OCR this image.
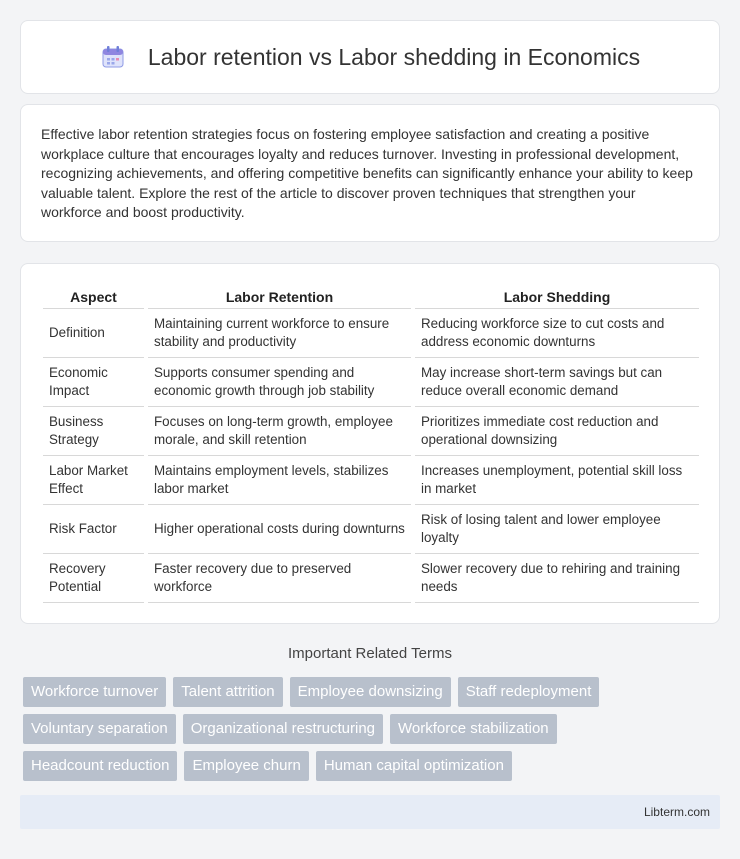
Labor retention vs Labor shedding in Economics

Effective labor retention strategies focus on fostering employee satisfaction and creating a positive workplace culture that encourages loyalty and reduces turnover. Investing in professional development, recognizing achievements, and offering competitive benefits can significantly enhance your ability to keep valuable talent. Explore the rest of the article to discover proven techniques that strengthen your workforce and boost productivity.

Aspect		Labor Retention		Labor Shedding
Definition		Maintaining current workforce to ensure stability and productivity		Reducing workforce size to cut costs and address economic downturns
Economic Impact		Supports consumer spending and economic growth through job stability		May increase short-term savings but can reduce overall economic demand
Business Strategy		Focuses on long-term growth, employee morale, and skill retention		Prioritizes immediate cost reduction and operational downsizing
Labor Market Effect		Maintains employment levels, stabilizes labor market		Increases unemployment, potential skill loss in market
Risk Factor		Higher operational costs during downturns		Risk of losing talent and lower employee loyalty
Recovery Potential		Faster recovery due to preserved workforce		Slower recovery due to rehiring and training needs
Important Related Terms
Workforce turnover	Talent attrition	Employee downsizing	Staff redeployment
Voluntary separation	Organizational restructuring	Workforce stabilization
Headcount reduction	Employee churn	Human capital optimization
Libterm.com
